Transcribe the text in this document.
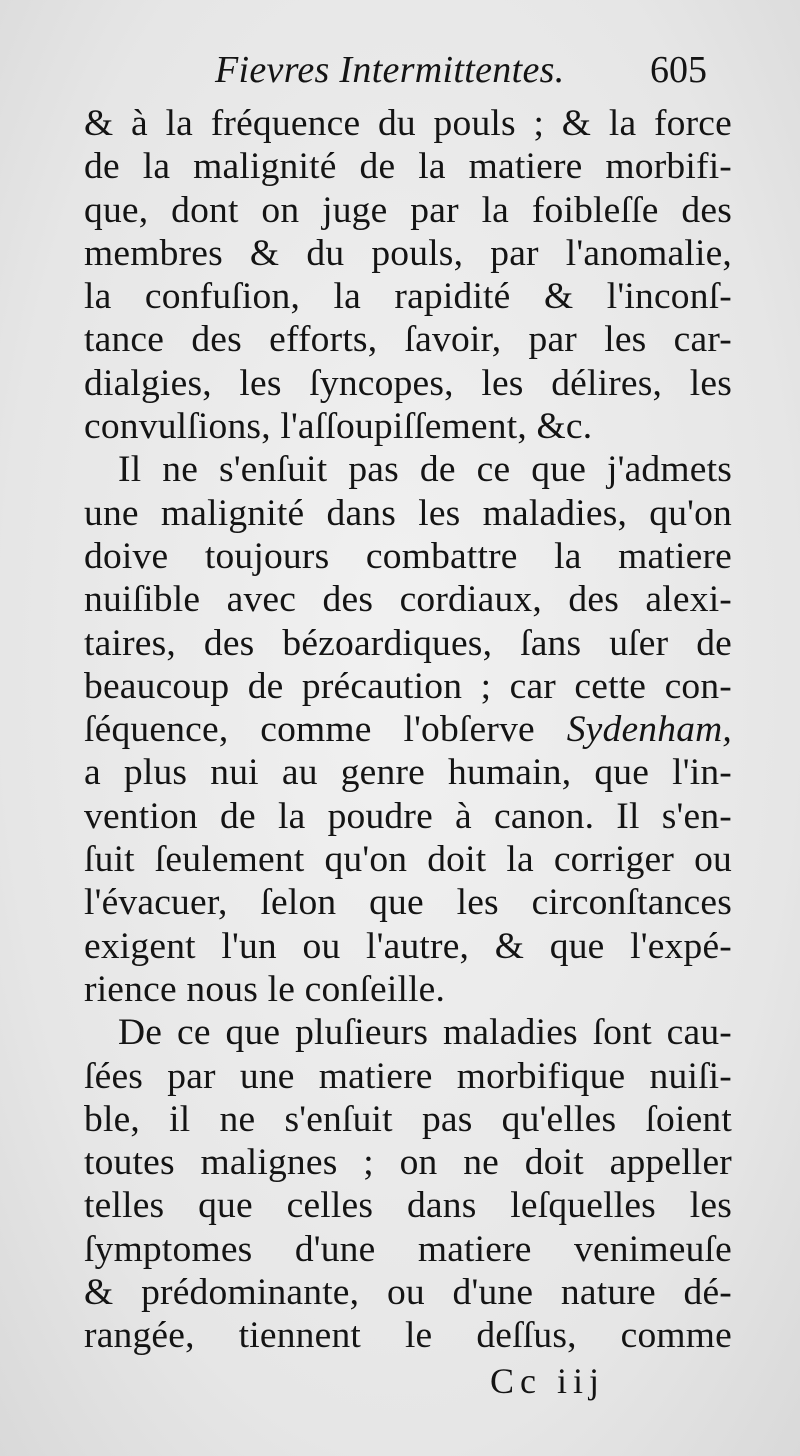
Fievres Intermittentes. 605
& à la fréquence du pouls ; & la force
de la malignité de la matiere morbifi-
que, dont on juge par la foibleſſe des
membres & du pouls, par l'anomalie,
la confuſion, la rapidité & l'inconſ-
tance des efforts, ſavoir, par les car-
dialgies, les ſyncopes, les délires, les
convulſions, l'aſſoupiſſement, &c.
Il ne s'enſuit pas de ce que j'admets
une malignité dans les maladies, qu'on
doive toujours combattre la matiere
nuiſible avec des cordiaux, des alexi-
taires, des bézoardiques, ſans uſer de
beaucoup de précaution ; car cette con-
ſéquence, comme l'obſerve Sydenham,
a plus nui au genre humain, que l'in-
vention de la poudre à canon. Il s'en-
ſuit ſeulement qu'on doit la corriger ou
l'évacuer, ſelon que les circonſtances
exigent l'un ou l'autre, & que l'expé-
rience nous le conſeille.
De ce que pluſieurs maladies ſont cau-
ſées par une matiere morbifique nuiſi-
ble, il ne s'enſuit pas qu'elles ſoient
toutes malignes ; on ne doit appeller
telles que celles dans leſquelles les
ſymptomes d'une matiere venimeuſe
& prédominante, ou d'une nature dé-
rangée, tiennent le deſſus, comme
Cc iij
